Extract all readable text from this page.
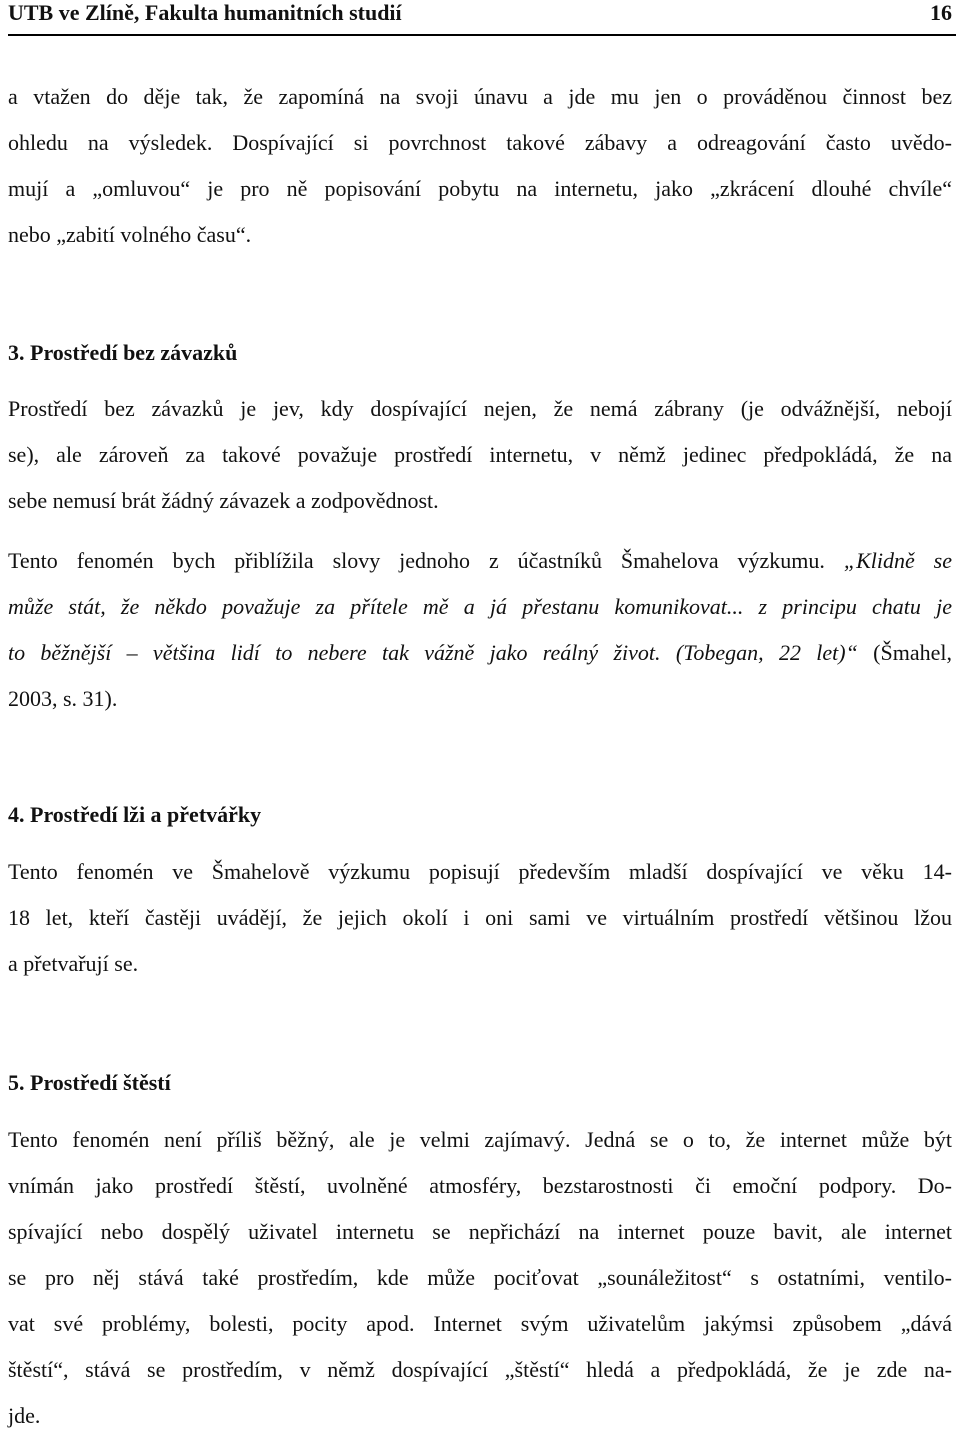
UTB ve Zlíně, Fakulta humanitních studií	16
a vtažen do děje tak, že zapomíná na svoji únavu a jde mu jen o prováděnou činnost bez
ohledu na výsledek. Dospívající si povrchnost takové zábavy a odreagování často uvědo-
mují a „omluvou“ je pro ně popisování pobytu na internetu, jako „zkrácení dlouhé chvíle“
nebo „zabití volného času“.
3. Prostředí bez závazků
Prostředí bez závazků je jev, kdy dospívající nejen, že nemá zábrany (je odvážnější, nebojí
se), ale zároveň za takové považuje prostředí internetu, v němž jedinec předpokládá, že na
sebe nemusí brát žádný závazek a zodpovědnost.
Tento fenomén bych přiblížila slovy jednoho z účastníků Šmahelova výzkumu. „Klidně se
může stát, že někdo považuje za přítele mě a já přestanu komunikovat... z principu chatu je
to běžnější – většina lidí to nebere tak vážně jako reálný život. (Tobegan, 22 let)“ (Šmahel,
2003, s. 31).
4. Prostředí lži a přetvářky
Tento fenomén ve Šmahelově výzkumu popisují především mladší dospívající ve věku 14-
18 let, kteří častěji uvádějí, že jejich okolí i oni sami ve virtuálním prostředí většinou lžou
a přetvařují se.
5. Prostředí štěstí
Tento fenomén není příliš běžný, ale je velmi zajímavý. Jedná se o to, že internet může být
vnímán jako prostředí štěstí, uvolněné atmosféry, bezstarostnosti či emoční podpory. Do-
spívající nebo dospělý uživatel internetu se nepřichází na internet pouze bavit, ale internet
se pro něj stává také prostředím, kde může pociťovat „sounáležitost“ s ostatními, ventilo-
vat své problémy, bolesti, pocity apod. Internet svým uživatelům jakýmsi způsobem „dává
štěstí“, stává se prostředím, v němž dospívající „štěstí“ hledá a předpokládá, že je zde na-
jde.
